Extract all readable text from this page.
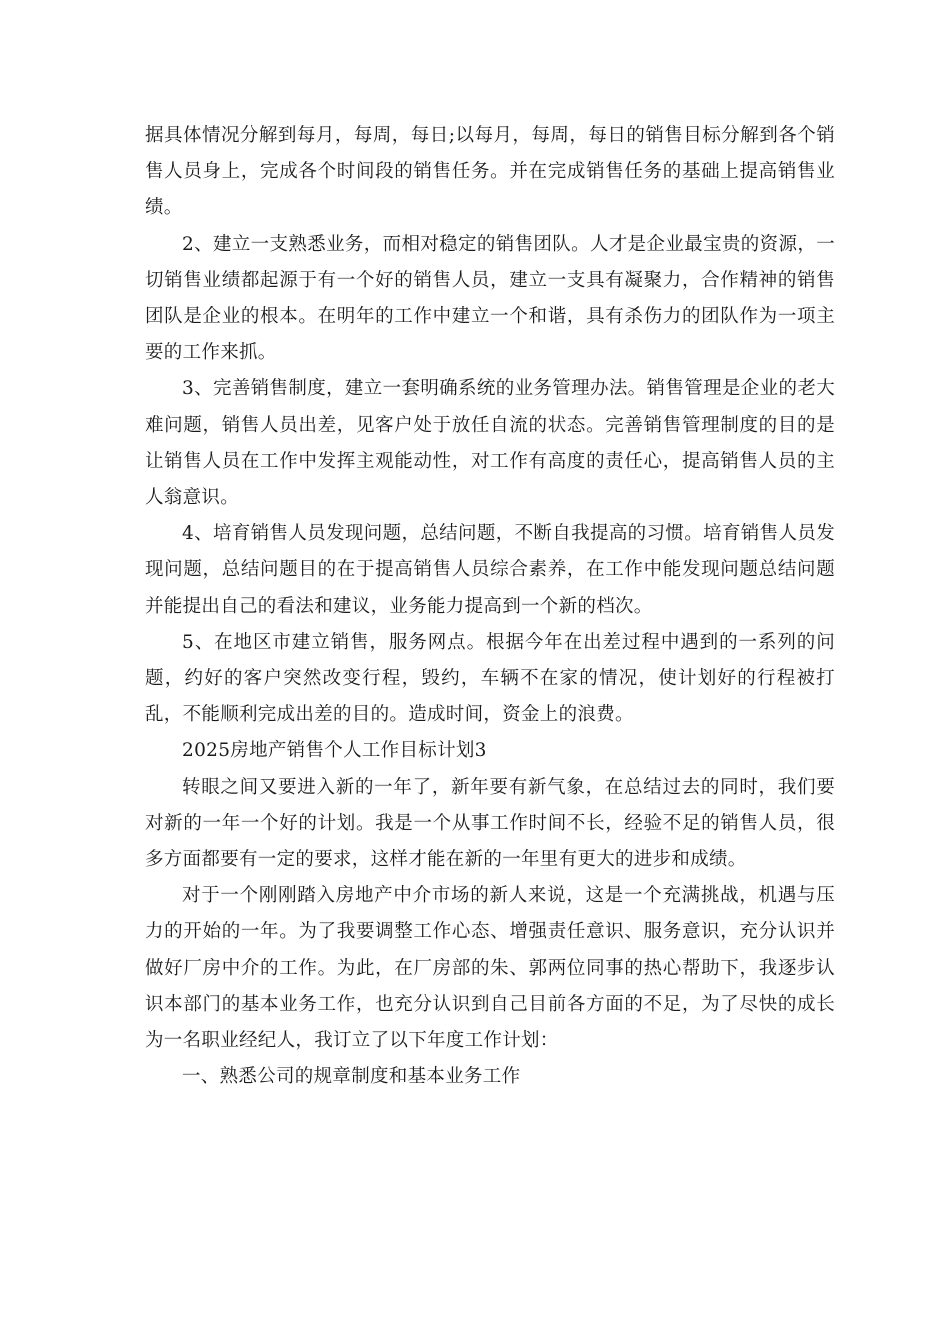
据具体情况分解到每月，每周，每日;以每月，每周，每日的销售目标分解到各个销售人员身上，完成各个时间段的销售任务。并在完成销售任务的基础上提高销售业绩。

2、建立一支熟悉业务，而相对稳定的销售团队。人才是企业最宝贵的资源，一切销售业绩都起源于有一个好的销售人员，建立一支具有凝聚力，合作精神的销售团队是企业的根本。在明年的工作中建立一个和谐，具有杀伤力的团队作为一项主要的工作来抓。

3、完善销售制度，建立一套明确系统的业务管理办法。销售管理是企业的老大难问题，销售人员出差，见客户处于放任自流的状态。完善销售管理制度的目的是让销售人员在工作中发挥主观能动性，对工作有高度的责任心，提高销售人员的主人翁意识。

4、培育销售人员发现问题，总结问题，不断自我提高的习惯。培育销售人员发现问题，总结问题目的在于提高销售人员综合素养，在工作中能发现问题总结问题并能提出自己的看法和建议，业务能力提高到一个新的档次。

5、在地区市建立销售，服务网点。根据今年在出差过程中遇到的一系列的问题，约好的客户突然改变行程，毁约，车辆不在家的情况，使计划好的行程被打乱，不能顺利完成出差的目的。造成时间，资金上的浪费。

2025房地产销售个人工作目标计划3

转眼之间又要进入新的一年了，新年要有新气象，在总结过去的同时，我们要对新的一年一个好的计划。我是一个从事工作时间不长，经验不足的销售人员，很多方面都要有一定的要求，这样才能在新的一年里有更大的进步和成绩。

对于一个刚刚踏入房地产中介市场的新人来说，这是一个充满挑战，机遇与压力的开始的一年。为了我要调整工作心态、增强责任意识、服务意识，充分认识并做好厂房中介的工作。为此，在厂房部的朱、郭两位同事的热心帮助下，我逐步认识本部门的基本业务工作，也充分认识到自己目前各方面的不足，为了尽快的成长为一名职业经纪人，我订立了以下年度工作计划：

一、熟悉公司的规章制度和基本业务工作
